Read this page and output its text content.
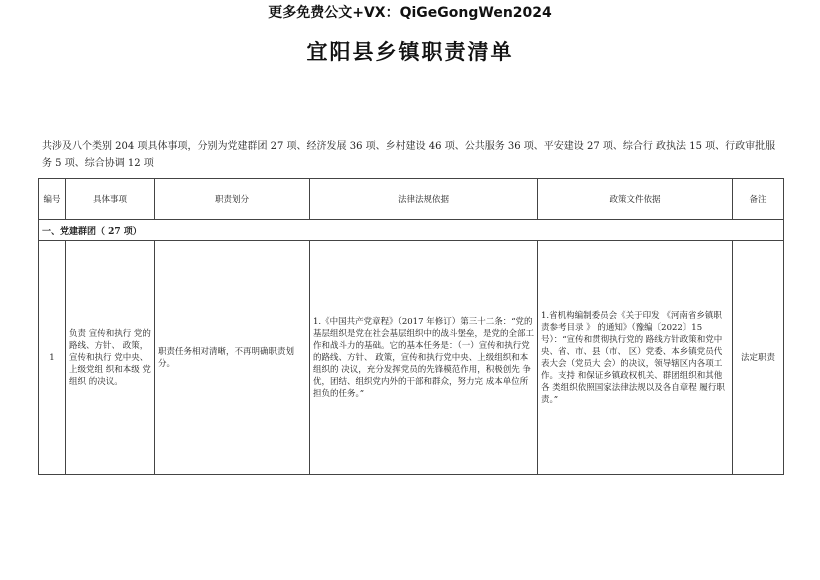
更多免费公文+VX：QiGeGongWen2024
宜阳县乡镇职责清单
共涉及八个类别 204 项具体事项，分别为党建群团 27 项、经济发展 36 项、乡村建设 46 项、公共服务 36 项、平安建设 27 项、综合行 政执法 15 项、行政审批服务 5 项、综合协调 12 项
编号	具体事项	职责划分	法律法规依据	政策文件依据	备注
一、党建群团（ 27 项）					
1	负责 宣传和执行 党的路线、方针、 政策，宣传和执行 党中央、上级党组 织和本级 党组织 的决议。	职责任务相对清晰，不再明确职责划分。	1.《中国共产党章程》（2017 年修订）第三十二条：“党的基层组织是党在社会基层组织中的战斗堡垒，是党的全部工作和战斗力的基础。它的基本任务是：（一）宣传和执行党的路线、方针、 政策，宣传和执行党中央、上级组织和本组织的 决议，充分发挥党员的先锋模范作用，积极创先 争优，团结、组织党内外的干部和群众，努力完 成本单位所担负的任务。”	1.省机构编制委员会《关于印发 《河南省乡镇职责参考目录 》 的通知》（豫编〔2022〕15 号）：“宣传和贯彻执行党的 路线方针政策和党中央、省、市、县（市、 区）党委、本乡镇党员代表大会（党员大 会）的决议，领导辖区内各项工作。支持 和保证乡镇政权机关、群团组织和其他各 类组织依照国家法律法规以及各自章程 履行职责。”	法定职责
